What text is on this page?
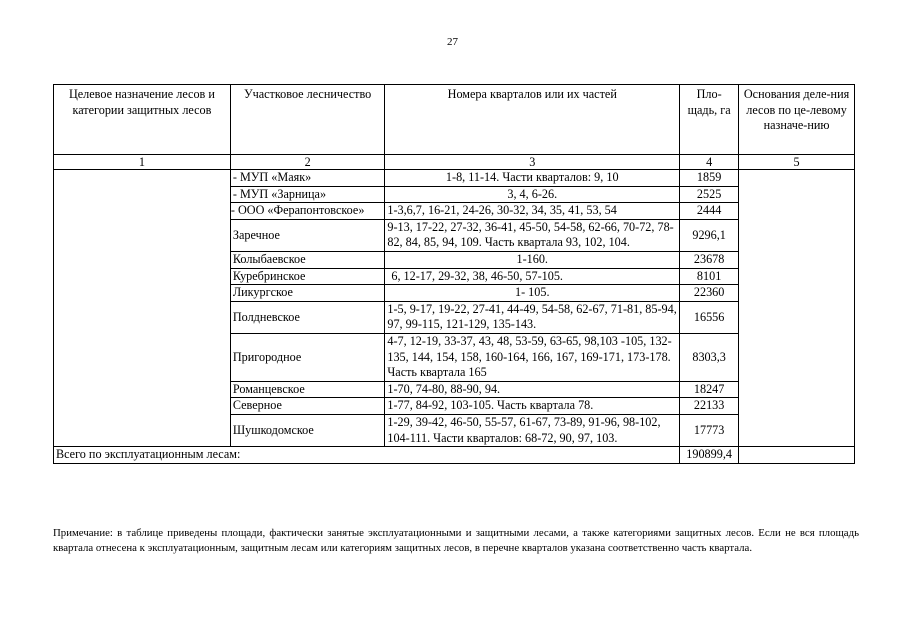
27
Целевое назначение лесов и категории защитных лесов	Участковое лесничество	Номера кварталов или их частей	Пло-щадь, га	Основания деле-ния лесов по це-левому назначе-нию
1	2	3	4	5
	- МУП «Маяк»	1-8, 11-14. Части кварталов: 9, 10	1859	
	- МУП «Зарница»	3, 4, 6-26.	2525	
	- ООО «Ферапонтовское»	1-3,6,7, 16-21, 24-26, 30-32, 34, 35, 41, 53, 54	2444	
	Заречное	9-13, 17-22, 27-32, 36-41, 45-50, 54-58, 62-66, 70-72, 78-82, 84, 85, 94, 109. Часть квартала 93, 102, 104.	9296,1	
	Колыбаевское	1-160.	23678	
	Куребринское	6, 12-17, 29-32, 38, 46-50, 57-105.	8101	
	Ликургское	1- 105.	22360	
	Полдневское	1-5, 9-17, 19-22, 27-41, 44-49, 54-58, 62-67, 71-81, 85-94, 97, 99-115, 121-129, 135-143.	16556	
	Пригородное	4-7, 12-19, 33-37, 43, 48, 53-59, 63-65, 98,103 -105, 132-135, 144, 154, 158, 160-164, 166, 167, 169-171, 173-178. Часть квартала 165	8303,3	
	Романцевское	1-70, 74-80, 88-90, 94.	18247	
	Северное	1-77, 84-92, 103-105. Часть квартала 78.	22133	
	Шушкодомское	1-29, 39-42, 46-50, 55-57, 61-67, 73-89, 91-96, 98-102, 104-111. Части кварталов: 68-72, 90, 97, 103.	17773	
Всего по эксплуатационным лесам:			190899,4	
Примечание: в таблице приведены площади, фактически занятые эксплуатационными и защитными лесами, а также категориями защитных лесов. Если не вся площадь квартала отнесена к эксплуатационным, защитным лесам или категориям защитных лесов, в перечне кварталов указана соответственно часть квартала.
